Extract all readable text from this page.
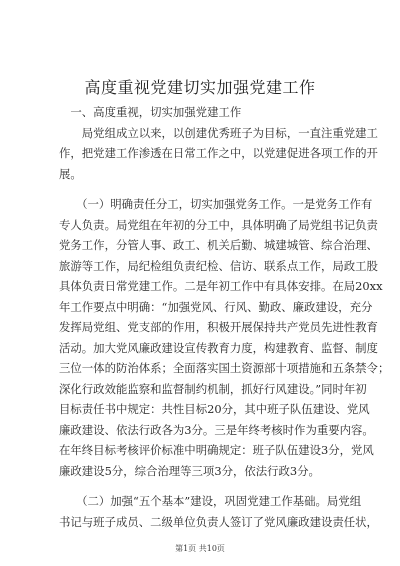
高度重视党建切实加强党建工作
　一、高度重视，切实加强党建工作
　　局党组成立以来，以创建优秀班子为目标，一直注重党建工
作，把党建工作渗透在日常工作之中，以党建促进各项工作的开
展。
　　（一）明确责任分工，切实加强党务工作。一是党务工作有
专人负责。局党组在年初的分工中，具体明确了局党组书记负责
党务工作，分管人事、政工、机关后勤、城建城管、综合治理、
旅游等工作，局纪检组负责纪检、信访、联系点工作，局政工股
具体负责日常党建工作。二是年初工作中有具体安排。在局20xx
年工作要点中明确：“加强党风、行风、勤政、廉政建设，充分
发挥局党组、党支部的作用，积极开展保持共产党员先进性教育
活动。加大党风廉政建设宣传教育力度，构建教育、监督、制度
三位一体的防治体系；全面落实国土资源部十项措施和五条禁令；
深化行政效能监察和监督制约机制，抓好行风建设。”同时年初
目标责任书中规定：共性目标20分，其中班子队伍建设、党风
廉政建设、依法行政各为3分。三是年终考核时作为重要内容。
在年终目标考核评价标准中明确规定：班子队伍建设3分，党风
廉政建设5分，综合治理等三项3分，依法行政3分。
　　（二）加强“五个基本”建设，巩固党建工作基础。局党组
书记与班子成员、二级单位负责人签订了党风廉政建设责任状，
第1页 共10页
